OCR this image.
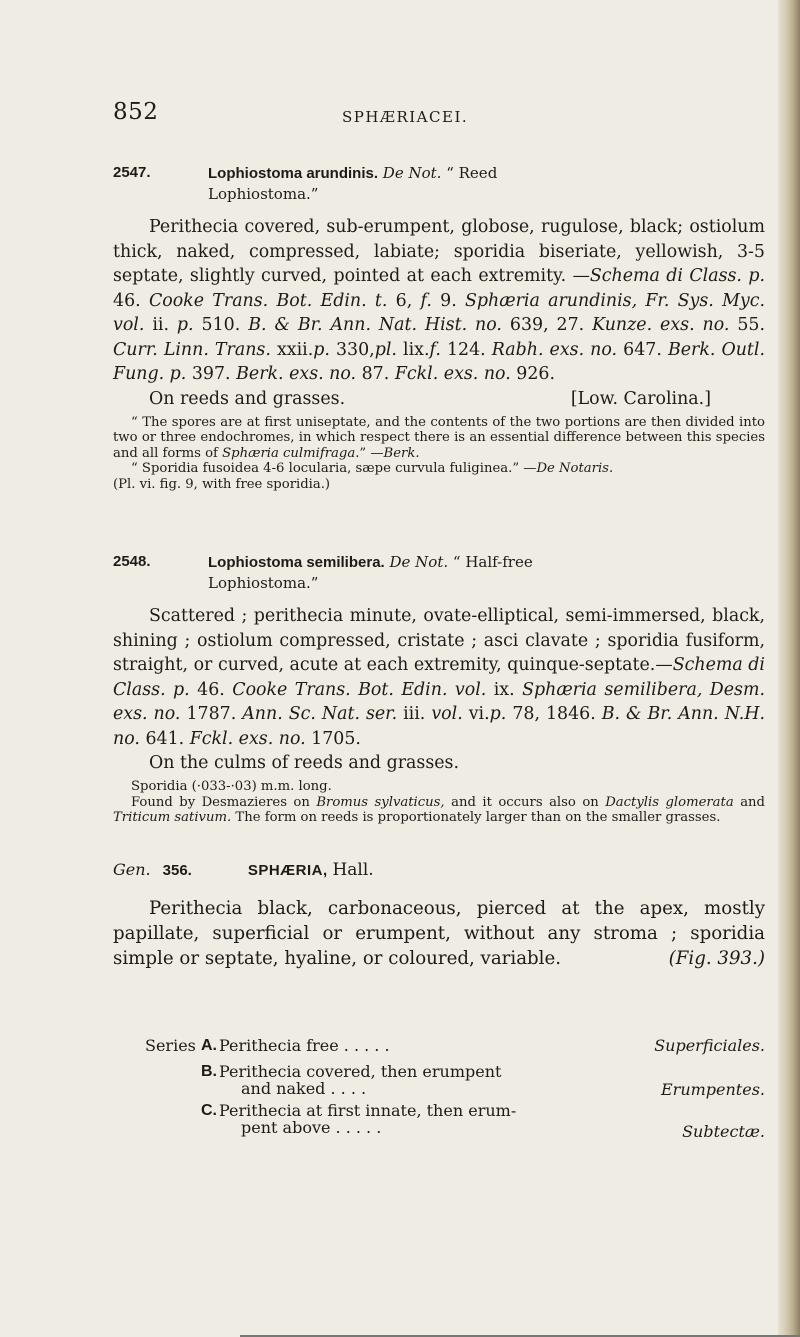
852	SPHÆRIACEI.
2547.	Lophiostoma arundinis. De Not. “ Reed
Lophiostoma.”

Perithecia covered, sub-erumpent, globose, rugulose, black; ostiolum thick, naked, compressed, labiate; sporidia biseriate, yellowish, 3-5 septate, slightly curved, pointed at each extremity. —Schema di Class. p. 46. Cooke Trans. Bot. Edin. t. 6, f. 9. Sphæria arundinis, Fr. Sys. Myc. vol. ii. p. 510. B. & Br. Ann. Nat. Hist. no. 639, 27. Kunze. exs. no. 55. Curr. Linn. Trans. xxii.p. 330,pl. lix.f. 124. Rabh. exs. no. 647. Berk. Outl. Fung. p. 397. Berk. exs. no. 87. Fckl. exs. no. 926.

On reeds and grasses.	[Low. Carolina.]

“ The spores are at first uniseptate, and the contents of the two portions are then divided into two or three endochromes, in which respect there is an essential difference between this species and all forms of Sphæria culmifraga.” —Berk.

“ Sporidia fusoidea 4-6 locularia, sæpe curvula fuliginea.” —De Notaris.

(Pl. vi. fig. 9, with free sporidia.)

2548.	Lophiostoma semilibera. De Not. “ Half-free
Lophiostoma.”

Scattered ; perithecia minute, ovate-elliptical, semi-immersed, black, shining ; ostiolum compressed, cristate ; asci clavate ; sporidia fusiform, straight, or curved, acute at each extremity, quinque-septate.—Schema di Class. p. 46. Cooke Trans. Bot. Edin. vol. ix. Sphæria semilibera, Desm. exs. no. 1787. Ann. Sc. Nat. ser. iii. vol. vi.p. 78, 1846. B. & Br. Ann. N.H. no. 641. Fckl. exs. no. 1705.

On the culms of reeds and grasses.

Sporidia (·033-·03) m.m. long.

Found by Desmazieres on Bromus sylvaticus, and it occurs also on Dactylis glomerata and Triticum sativum. The form on reeds is proportionately larger than on the smaller grasses.

Gen. 356.	SPHÆRIA, Hall.

Perithecia black, carbonaceous, pierced at the apex, mostly papillate, superficial or erumpent, without any stroma ; sporidia simple or septate, hyaline, or coloured, variable.	(Fig. 393.)

Series A. Perithecia free . . . . .	Superficiales.
B. Perithecia covered, then erumpent
and naked . . . .	Erumpentes.
C. Perithecia at first innate, then erum-
pent above . . . . .	Subtectæ.
